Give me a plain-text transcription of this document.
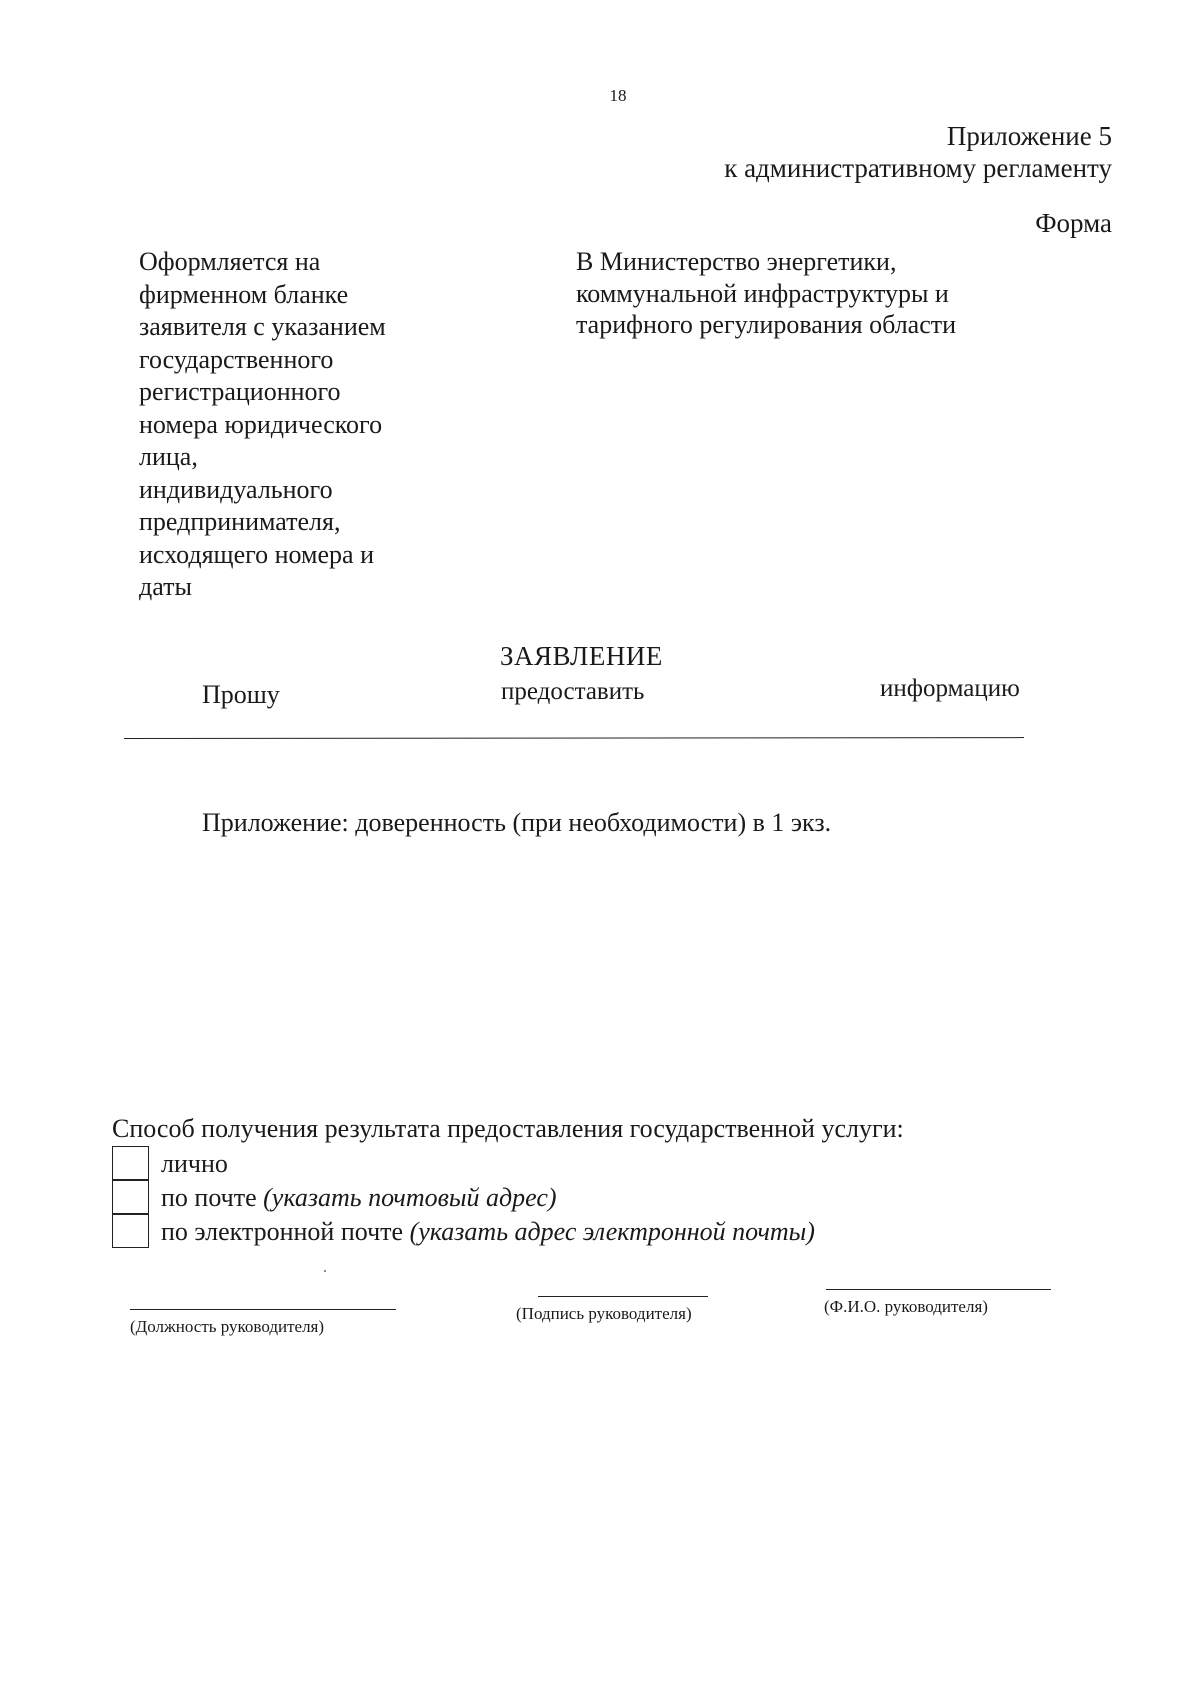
18
Приложение 5
к административному регламенту
Форма
Оформляется на
фирменном бланке
заявителя с указанием
государственного
регистрационного
номера юридического
лица,
индивидуального
предпринимателя,
исходящего номера и
даты
В Министерство энергетики,
коммунальной инфраструктуры и
тарифного регулирования области
ЗАЯВЛЕНИЕ
Прошу	предоставить	информацию
Приложение: доверенность (при необходимости) в 1 экз.
Способ получения результата предоставления государственной услуги:
лично
по почте (указать почтовый адрес)
по электронной почте (указать адрес электронной почты)
(Должность руководителя)
(Подпись руководителя)	(Ф.И.О. руководителя)
